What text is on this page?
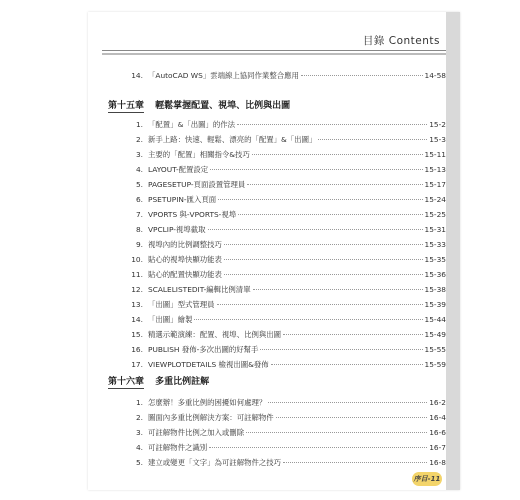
目錄 Contents
14. 「AutoCAD WS」雲端線上協同作業整合應用	14-58
第十五章 輕鬆掌握配置、視埠、比例與出圖
1. 「配置」&「出圖」的作法	15-2
2. 新手上路：快速、輕鬆、漂亮的「配置」&「出圖」	15-3
3. 主要的「配置」相關指令&技巧	15-11
4. LAYOUT-配置設定	15-13
5. PAGESETUP-頁面設置管理員	15-17
6. PSETUPIN-匯入頁面	15-24
7. VPORTS 與-VPORTS-視埠	15-25
8. VPCLIP-視埠截取	15-31
9. 視埠內的比例調整技巧	15-33
10. 貼心的視埠快顯功能表	15-35
11. 貼心的配置快顯功能表	15-36
12. SCALELISTEDIT-編輯比例清單	15-38
13. 「出圖」型式管理員	15-39
14. 「出圖」繪製	15-44
15. 精選示範演練：配置、視埠、比例與出圖	15-49
16. PUBLISH 發佈-多次出圖的好幫手	15-55
17. VIEWPLOTDETAILS 檢視出圖&發佈	15-59
第十六章 多重比例註解
1. 怎麼辦！多重比例的困擾如何處理？	16-2
2. 圖面內多重比例解決方案：可註解物件	16-4
3. 可註解物件比例之加入或刪除	16-6
4. 可註解物件之識別	16-7
5. 建立或變更「文字」為可註解物件之技巧	16-8
序目-11
